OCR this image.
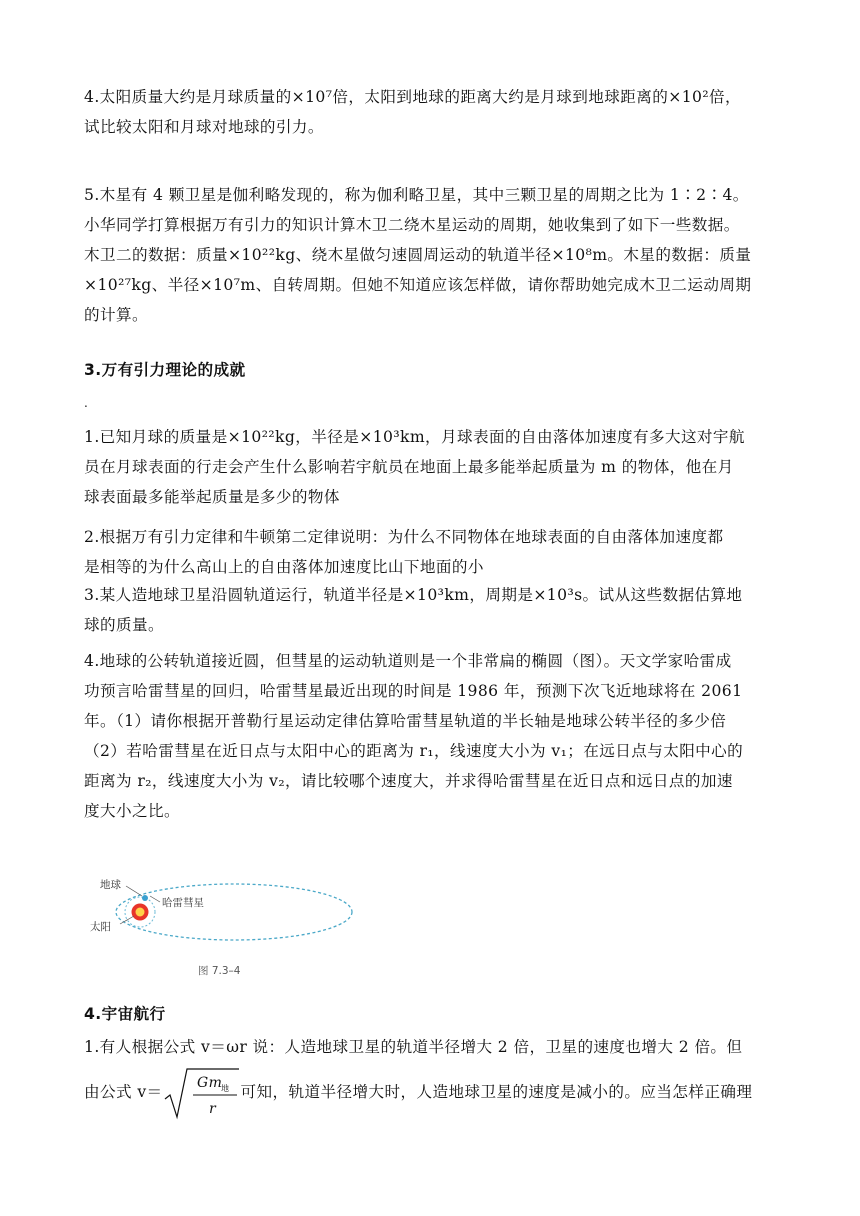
4.太阳质量大约是月球质量的×10⁷倍，太阳到地球的距离大约是月球到地球距离的×10²倍，
试比较太阳和月球对地球的引力。
5.木星有 4 颗卫星是伽利略发现的，称为伽利略卫星，其中三颗卫星的周期之比为 1∶2∶4。
小华同学打算根据万有引力的知识计算木卫二绕木星运动的周期，她收集到了如下一些数据。
木卫二的数据：质量×10²²kg、绕木星做匀速圆周运动的轨道半径×10⁸m。木星的数据：质量
×10²⁷kg、半径×10⁷m、自转周期。但她不知道应该怎样做，请你帮助她完成木卫二运动周期
的计算。
3.万有引力理论的成就
.
1.已知月球的质量是×10²²kg，半径是×10³km，月球表面的自由落体加速度有多大这对宇航
员在月球表面的行走会产生什么影响若宇航员在地面上最多能举起质量为 m 的物体，他在月
球表面最多能举起质量是多少的物体
2.根据万有引力定律和牛顿第二定律说明：为什么不同物体在地球表面的自由落体加速度都
是相等的为什么高山上的自由落体加速度比山下地面的小
3.某人造地球卫星沿圆轨道运行，轨道半径是×10³km，周期是×10³s。试从这些数据估算地
球的质量。
4.地球的公转轨道接近圆，但彗星的运动轨道则是一个非常扁的椭圆（图）。天文学家哈雷成
功预言哈雷彗星的回归，哈雷彗星最近出现的时间是 1986 年，预测下次飞近地球将在 2061
年。（1）请你根据开普勒行星运动定律估算哈雷彗星轨道的半长轴是地球公转半径的多少倍
（2）若哈雷彗星在近日点与太阳中心的距离为 r₁，线速度大小为 v₁；在远日点与太阳中心的
距离为 r₂，线速度大小为 v₂，请比较哪个速度大，并求得哈雷彗星在近日点和远日点的加速
度大小之比。
地球
哈雷彗星
太阳
图 7.3–4
4.宇宙航行
1.有人根据公式 v＝ωr 说：人造地球卫星的轨道半径增大 2 倍，卫星的速度也增大 2 倍。但
由公式 v＝ Gm
地
r
可知，轨道半径增大时，人造地球卫星的速度是减小的。应当怎样正确理
